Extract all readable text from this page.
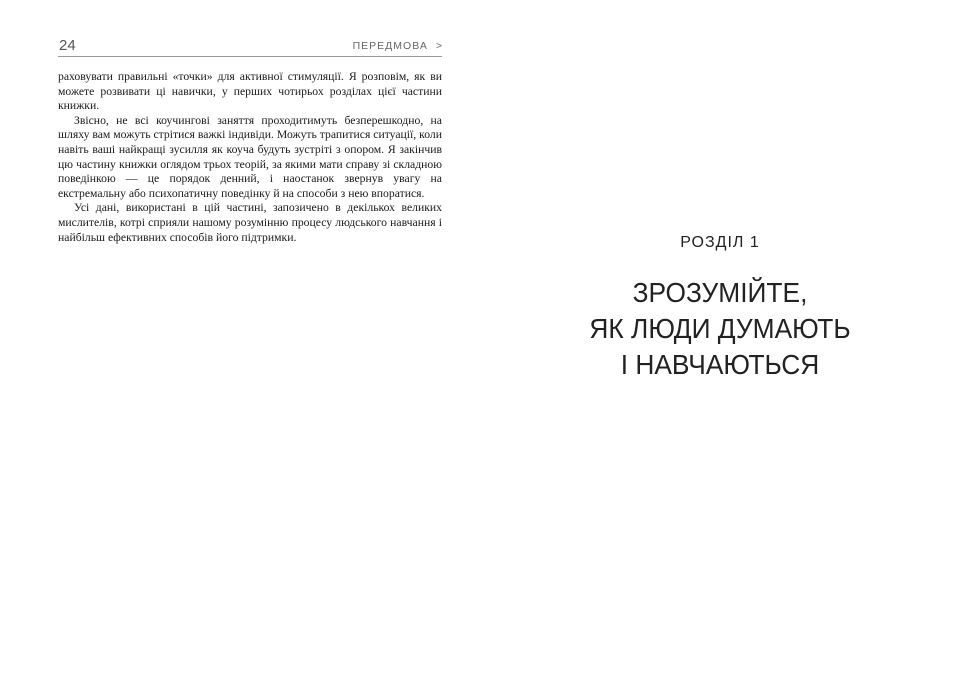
24	ПЕРЕДМОВА >

раховувати правильні «точки» для активної стимуляції. Я розповім, як ви можете розвивати ці навички, у перших чотирьох розділах цієї частини книжки.

Звісно, не всі коучингові заняття проходитимуть безперешкодно, на шляху вам можуть стрітися важкі індивіди. Можуть трапитися ситуації, коли навіть ваші найкращі зусилля як коуча будуть зустріті з опором. Я закінчив цю частину книжки оглядом трьох теорій, за якими мати справу зі складною поведінкою — це порядок денний, і наостанок звернув увагу на екстремальну або психопатичну поведінку й на способи з нею впоратися.

Усі дані, використані в цій частині, запозичено в декількох великих мислителів, котрі сприяли нашому розумінню процесу людського навчання і найбільш ефективних способів його підтримки.	РОЗДІЛ 1
ЗРОЗУМІЙТЕ,
ЯК ЛЮДИ ДУМАЮТЬ
І НАВЧАЮТЬСЯ
